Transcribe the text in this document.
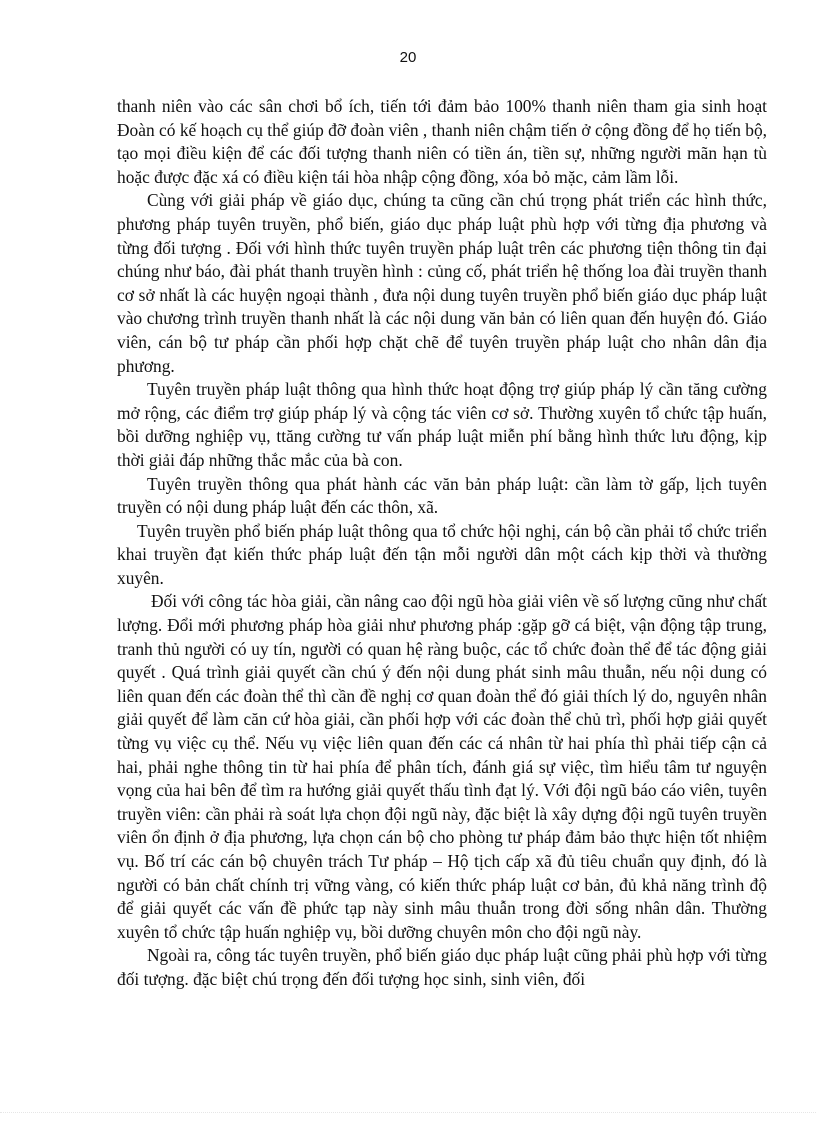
20

thanh niên vào các sân chơi bổ ích, tiến tới đảm bảo 100% thanh niên tham gia sinh hoạt Đoàn có kế hoạch cụ thể giúp đỡ đoàn viên , thanh niên chậm tiến ở cộng đồng để họ tiến bộ, tạo mọi điều kiện để các đối tượng thanh niên có tiền án, tiền sự, những người mãn hạn tù hoặc được đặc xá có điều kiện tái hòa nhập cộng đồng, xóa bỏ mặc, cảm lầm lỗi.

Cùng với giải pháp về giáo dục, chúng ta cũng cần chú trọng phát triển các hình thức, phương pháp tuyên truyền, phổ biến, giáo dục pháp luật phù hợp với từng địa phương và từng đối tượng . Đối với hình thức tuyên truyền pháp luật trên các phương tiện thông tin đại chúng như báo, đài phát thanh truyền hình : củng cố, phát triển hệ thống loa đài truyền thanh cơ sở nhất là các huyện ngoại thành , đưa nội dung tuyên truyền phổ biến giáo dục pháp luật vào chương trình truyền thanh nhất là các nội dung văn bản có liên quan đến huyện đó. Giáo viên, cán bộ tư pháp cần phối hợp chặt chẽ để tuyên truyền pháp luật cho nhân dân địa phương.

Tuyên truyền pháp luật thông qua hình thức hoạt động trợ giúp pháp lý cần tăng cường mở rộng, các điểm trợ giúp pháp lý và cộng tác viên cơ sở. Thường xuyên tổ chức tập huấn, bồi dưỡng nghiệp vụ, ttăng cường tư vấn pháp luật miễn phí bằng hình thức lưu động, kịp thời giải đáp những thắc mắc của bà con.

Tuyên truyền thông qua phát hành các văn bản pháp luật: cần làm tờ gấp, lịch tuyên truyền có nội dung pháp luật đến các thôn, xã.

Tuyên truyền phổ biến pháp luật thông qua tổ chức hội nghị, cán bộ cần phải tổ chức triển khai truyền đạt kiến thức pháp luật đến tận mỗi người dân một cách kịp thời và thường xuyên.

Đối với công tác hòa giải, cần nâng cao đội ngũ hòa giải viên về số lượng cũng như chất lượng. Đổi mới phương pháp hòa giải như phương pháp :gặp gỡ cá biệt, vận động tập trung, tranh thủ người có uy tín, người có quan hệ ràng buộc, các tổ chức đoàn thể để tác động giải quyết . Quá trình giải quyết cần chú ý đến nội dung phát sinh mâu thuẫn, nếu nội dung có liên quan đến các đoàn thể thì cần đề nghị cơ quan đoàn thể đó giải thích lý do, nguyên nhân giải quyết để làm căn cứ hòa giải, cần phối hợp với các đoàn thể chủ trì, phối hợp giải quyết từng vụ việc cụ thể. Nếu vụ việc liên quan đến các cá nhân từ hai phía thì phải tiếp cận cả hai, phải nghe thông tin từ hai phía để phân tích, đánh giá sự việc, tìm hiểu tâm tư nguyện vọng của hai bên để tìm ra hướng giải quyết thấu tình đạt lý. Với đội ngũ báo cáo viên, tuyên truyền viên: cần phải rà soát lựa chọn đội ngũ này, đặc biệt là xây dựng đội ngũ tuyên truyền viên ổn định ở địa phương, lựa chọn cán bộ cho phòng tư pháp đảm bảo thực hiện tốt nhiệm vụ. Bố trí các cán bộ chuyên trách Tư pháp – Hộ tịch cấp xã đủ tiêu chuẩn quy định, đó là người có bản chất chính trị vững vàng, có kiến thức pháp luật cơ bản, đủ khả năng trình độ để giải quyết các vấn đề phức tạp này sinh mâu thuẫn trong đời sống nhân dân. Thường xuyên tổ chức tập huấn nghiệp vụ, bồi dưỡng chuyên môn cho đội ngũ này.

Ngoài ra, công tác tuyên truyền, phổ biến giáo dục pháp luật cũng phải phù hợp với từng đối tượng. đặc biệt chú trọng đến đối tượng học sinh, sinh viên, đối
